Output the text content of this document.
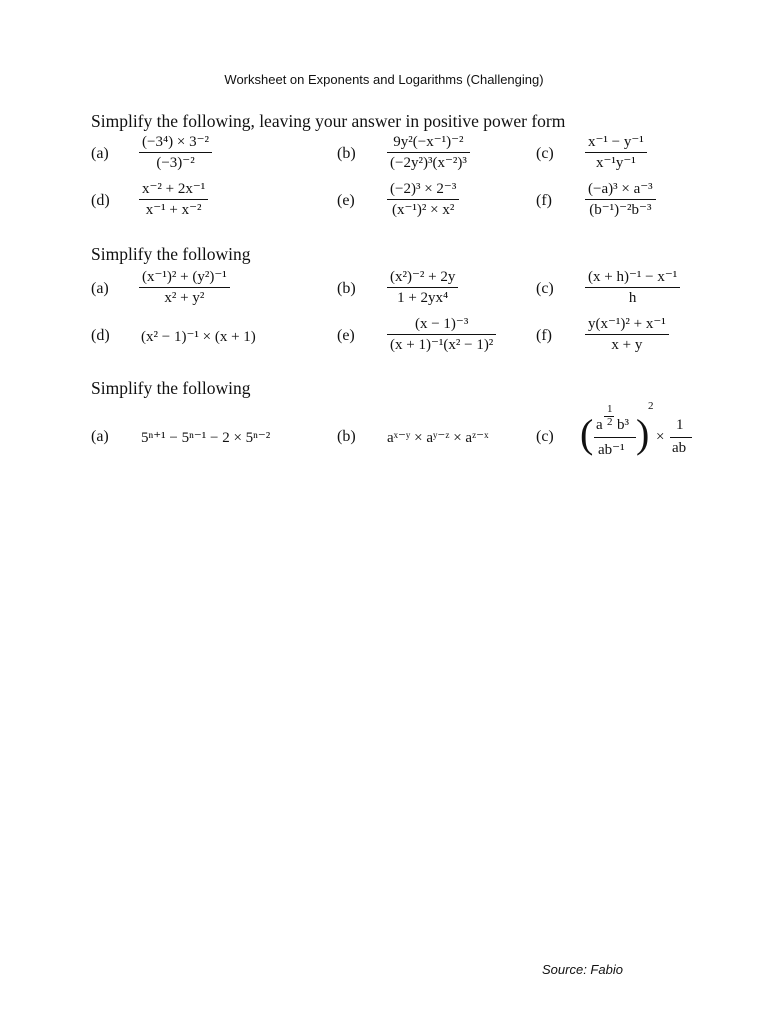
Worksheet on Exponents and Logarithms (Challenging)
Simplify the following, leaving your answer in positive power form
(a)
(−3⁴) × 3⁻²
(−3)⁻²
(b)
9y²(−x⁻¹)⁻²
(−2y²)³(x⁻²)³
(c)
x⁻¹ − y⁻¹
x⁻¹y⁻¹
(d)
x⁻² + 2x⁻¹
x⁻¹ + x⁻²
(e)
(−2)³ × 2⁻³
(x⁻¹)² × x²
(f)
(−a)³ × a⁻³
(b⁻¹)⁻²b⁻³
Simplify the following
(a)
(x⁻¹)² + (y²)⁻¹
x² + y²
(b)
(x²)⁻² + 2y
1 + 2yx⁴
(c)
(x + h)⁻¹ − x⁻¹
h
(d) (x² − 1)⁻¹ × (x + 1)	(e)
(x − 1)⁻³
(x + 1)⁻¹(x² − 1)²
(f)
y(x⁻¹)² + x⁻¹
x + y
Simplify the following
(a) 5ⁿ⁺¹ − 5ⁿ⁻¹ − 2 × 5ⁿ⁻²	(b) aˣ⁻ʸ × aʸ⁻ᶻ × aᶻ⁻ˣ	(c) ( a
1
2 b³
ab⁻¹ )
2
×
1
ab
Source: Fabio
